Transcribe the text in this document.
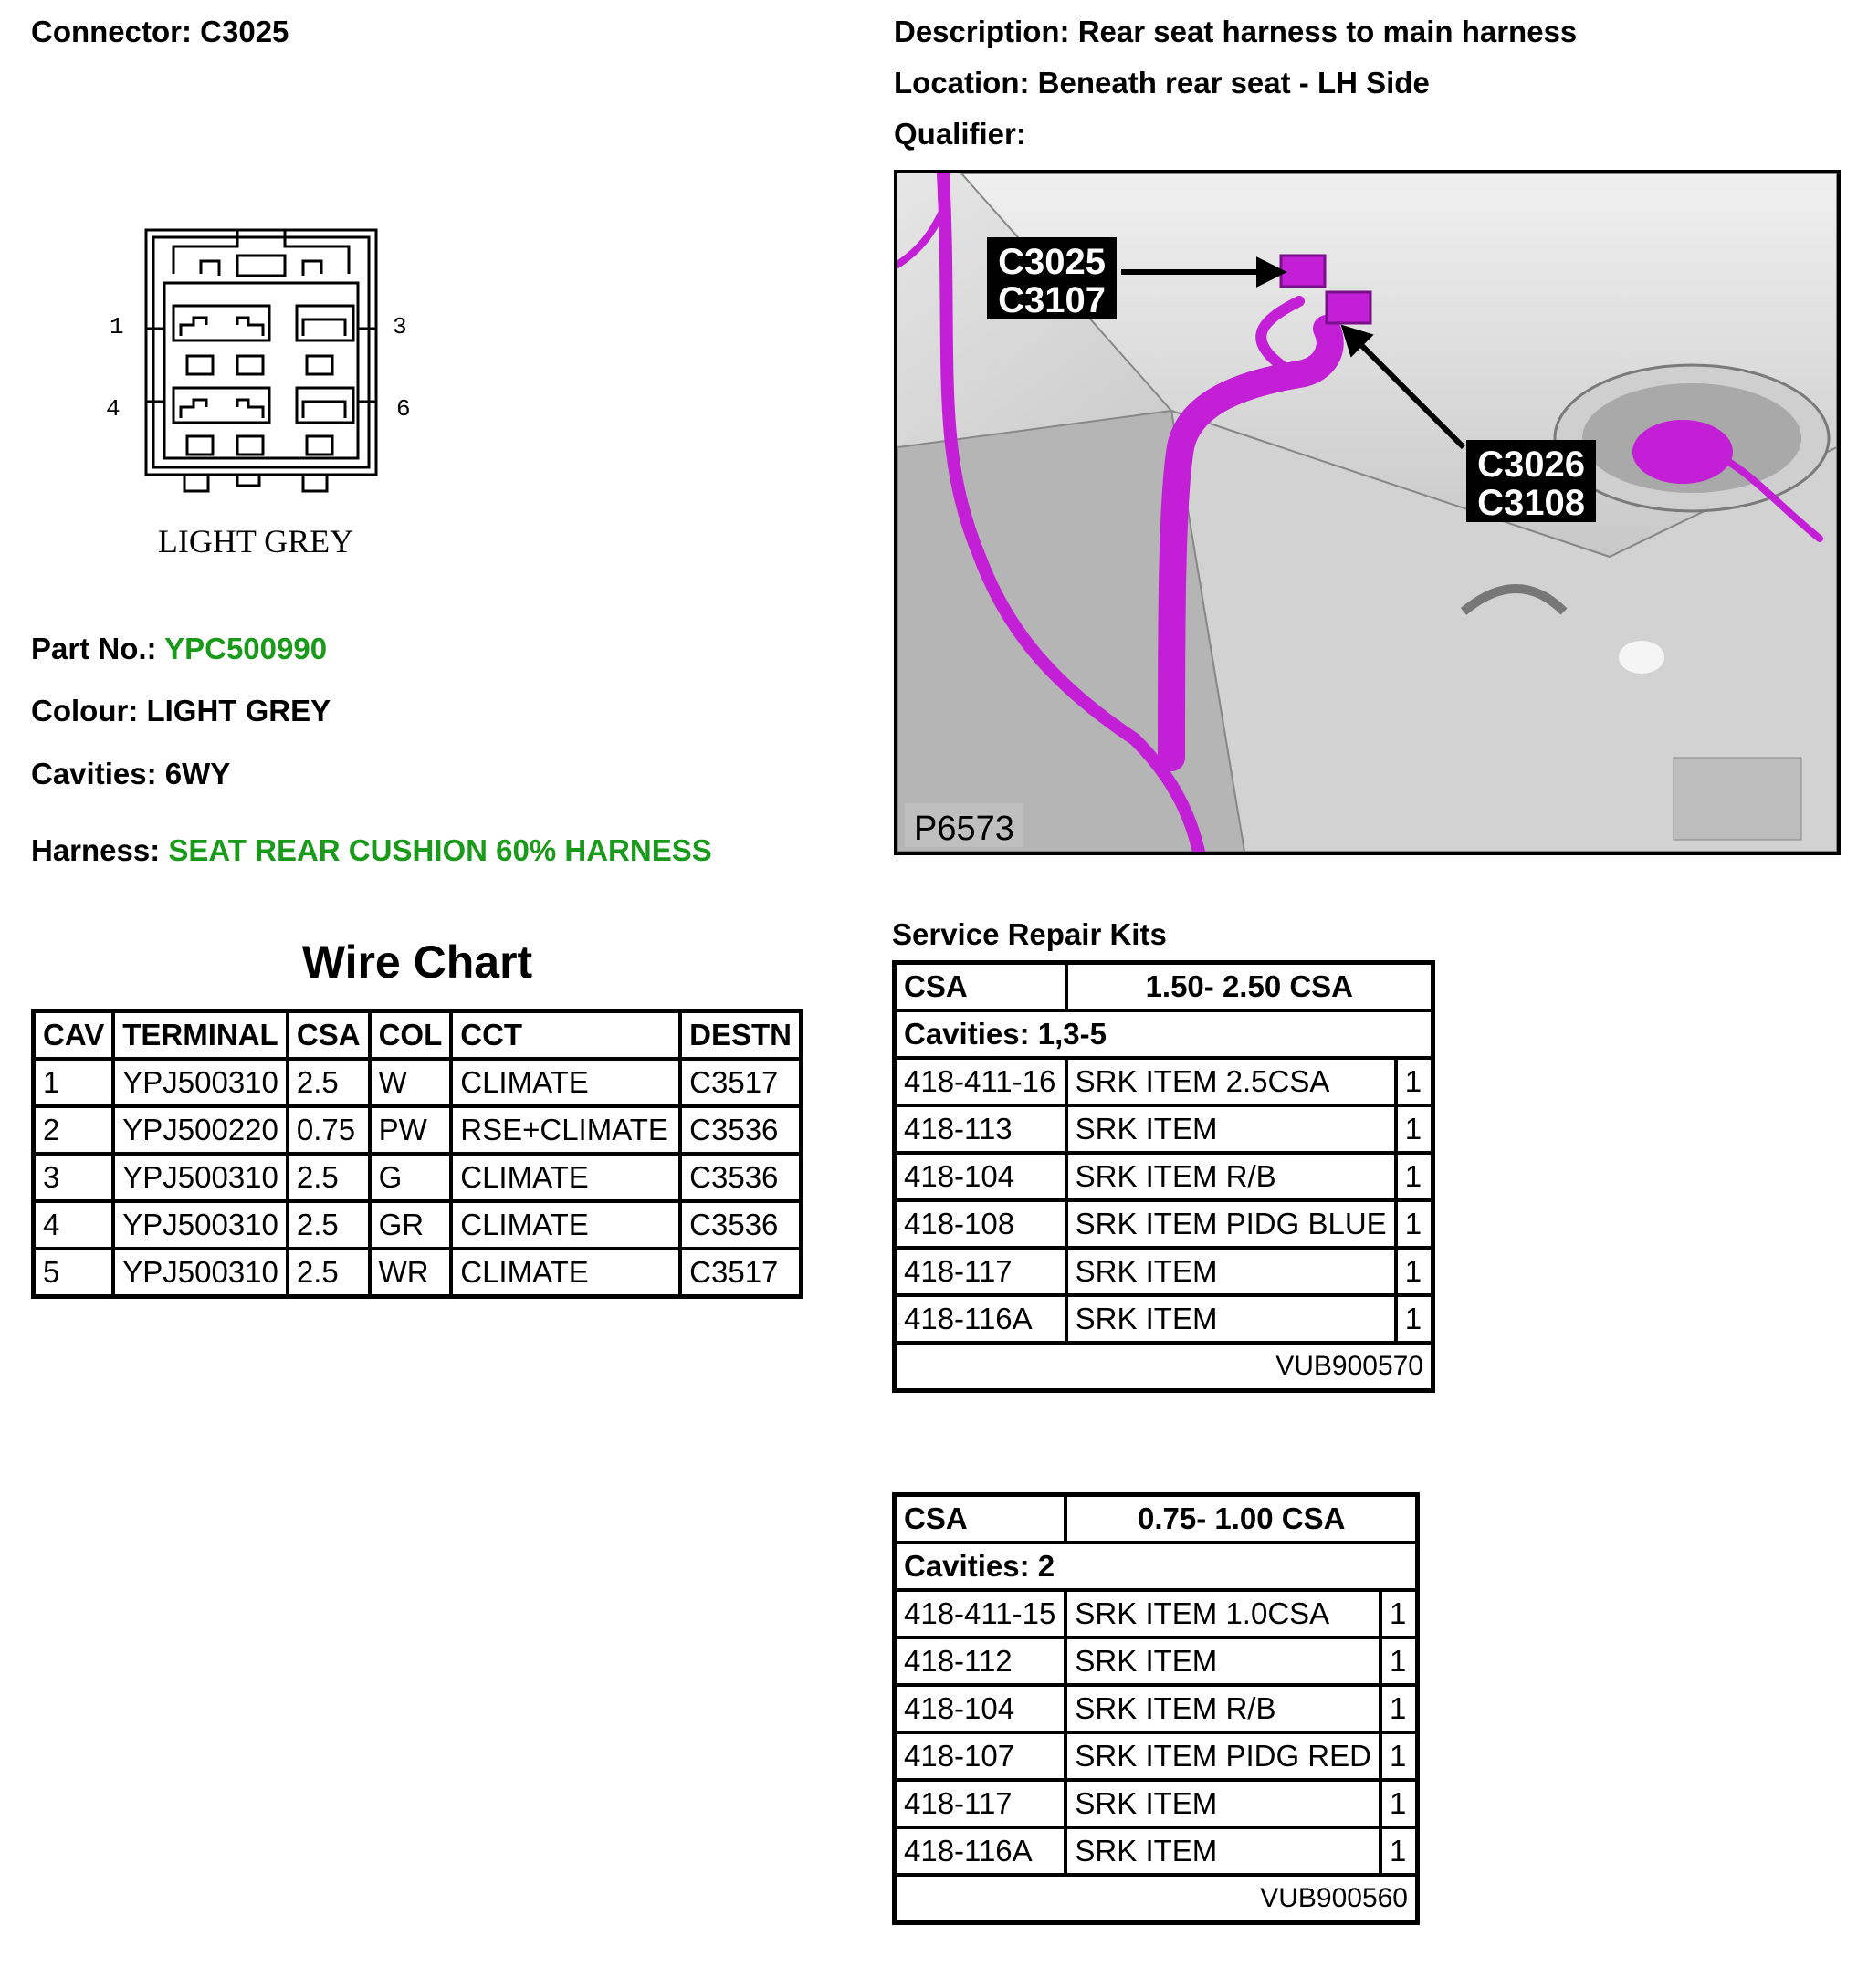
Connector: C3025	Description: Rear seat harness to main harness
Location: Beneath rear seat - LH Side
Qualifier:
1	3
4	6
LIGHT GREY
Part No.: YPC500990
Colour: LIGHT GREY
Cavities: 6WY
Harness: SEAT REAR CUSHION 60% HARNESS
C3025
C3107
C3026
C3108
P6573
Wire Chart
CAV	TERMINAL	CSA	COL	CCT	DESTN
1	YPJ500310	2.5	W	CLIMATE	C3517
2	YPJ500220	0.75	PW	RSE+CLIMATE	C3536
3	YPJ500310	2.5	G	CLIMATE	C3536
4	YPJ500310	2.5	GR	CLIMATE	C3536
5	YPJ500310	2.5	WR	CLIMATE	C3517
Service Repair Kits
CSA	1.50- 2.50 CSA	
Cavities: 1,3-5		
418-411-16	SRK ITEM 2.5CSA	1
418-113	SRK ITEM	1
418-104	SRK ITEM R/B	1
418-108	SRK ITEM PIDG BLUE	1
418-117	SRK ITEM	1
418-116A	SRK ITEM	1
VUB900570		
CSA	0.75- 1.00 CSA	
Cavities: 2		
418-411-15	SRK ITEM 1.0CSA	1
418-112	SRK ITEM	1
418-104	SRK ITEM R/B	1
418-107	SRK ITEM PIDG RED	1
418-117	SRK ITEM	1
418-116A	SRK ITEM	1
VUB900560		
